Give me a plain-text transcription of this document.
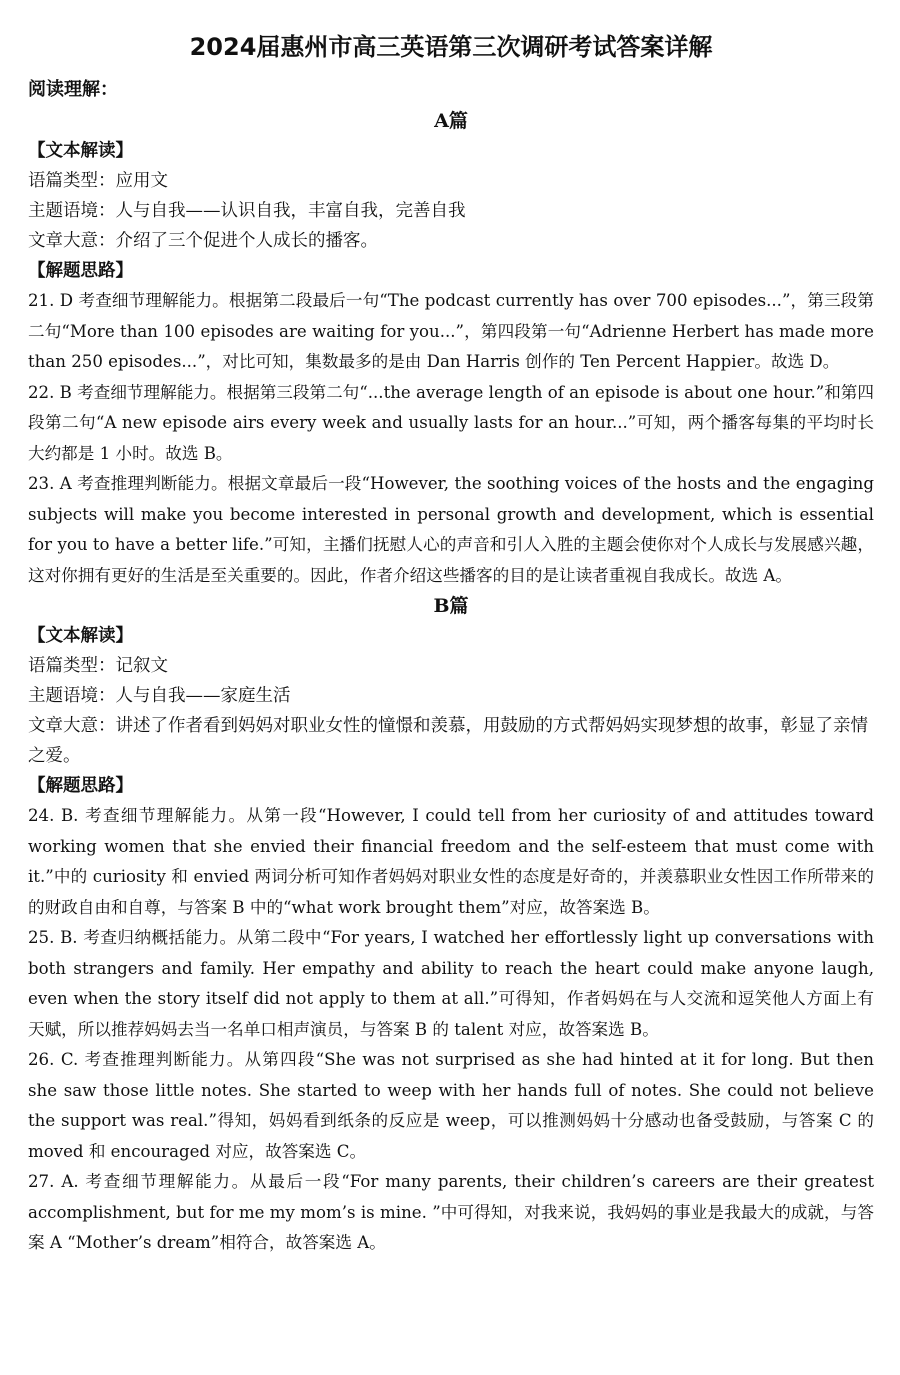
2024届惠州市高三英语第三次调研考试答案详解

阅读理解：

A篇

【文本解读】

语篇类型：应用文

主题语境：人与自我——认识自我，丰富自我，完善自我

文章大意：介绍了三个促进个人成长的播客。

【解题思路】

21. D 考查细节理解能力。根据第二段最后一句“The podcast currently has over 700 episodes...”，第三段第二句“More than 100 episodes are waiting for you...”，第四段第一句“Adrienne Herbert has made more than 250 episodes...”，对比可知，集数最多的是由 Dan Harris 创作的 Ten Percent Happier。故选 D。

22. B 考查细节理解能力。根据第三段第二句“...the average length of an episode is about one hour.”和第四段第二句“A new episode airs every week and usually lasts for an hour...”可知，两个播客每集的平均时长大约都是 1 小时。故选 B。

23. A 考查推理判断能力。根据文章最后一段“However, the soothing voices of the hosts and the engaging subjects will make you become interested in personal growth and development, which is essential for you to have a better life.”可知，主播们抚慰人心的声音和引人入胜的主题会使你对个人成长与发展感兴趣，这对你拥有更好的生活是至关重要的。因此，作者介绍这些播客的目的是让读者重视自我成长。故选 A。

B篇

【文本解读】

语篇类型：记叙文

主题语境：人与自我——家庭生活

文章大意：讲述了作者看到妈妈对职业女性的憧憬和羡慕，用鼓励的方式帮妈妈实现梦想的故事，彰显了亲情之爱。

【解题思路】

24. B. 考查细节理解能力。从第一段“However, I could tell from her curiosity of and attitudes toward working women that she envied their financial freedom and the self-esteem that must come with it.”中的 curiosity 和 envied 两词分析可知作者妈妈对职业女性的态度是好奇的，并羡慕职业女性因工作所带来的的财政自由和自尊，与答案 B 中的“what work brought them”对应，故答案选 B。

25. B. 考查归纳概括能力。从第二段中“For years, I watched her effortlessly light up conversations with both strangers and family. Her empathy and ability to reach the heart could make anyone laugh, even when the story itself did not apply to them at all.”可得知，作者妈妈在与人交流和逗笑他人方面上有天赋，所以推荐妈妈去当一名单口相声演员，与答案 B 的 talent 对应，故答案选 B。

26. C. 考查推理判断能力。从第四段“She was not surprised as she had hinted at it for long. But then she saw those little notes. She started to weep with her hands full of notes. She could not believe the support was real.”得知，妈妈看到纸条的反应是 weep，可以推测妈妈十分感动也备受鼓励，与答案 C 的 moved 和 encouraged 对应，故答案选 C。

27. A. 考查细节理解能力。从最后一段“For many parents, their children’s careers are their greatest accomplishment, but for me my mom’s is mine. ”中可得知，对我来说，我妈妈的事业是我最大的成就，与答案 A “Mother’s dream”相符合，故答案选 A。
